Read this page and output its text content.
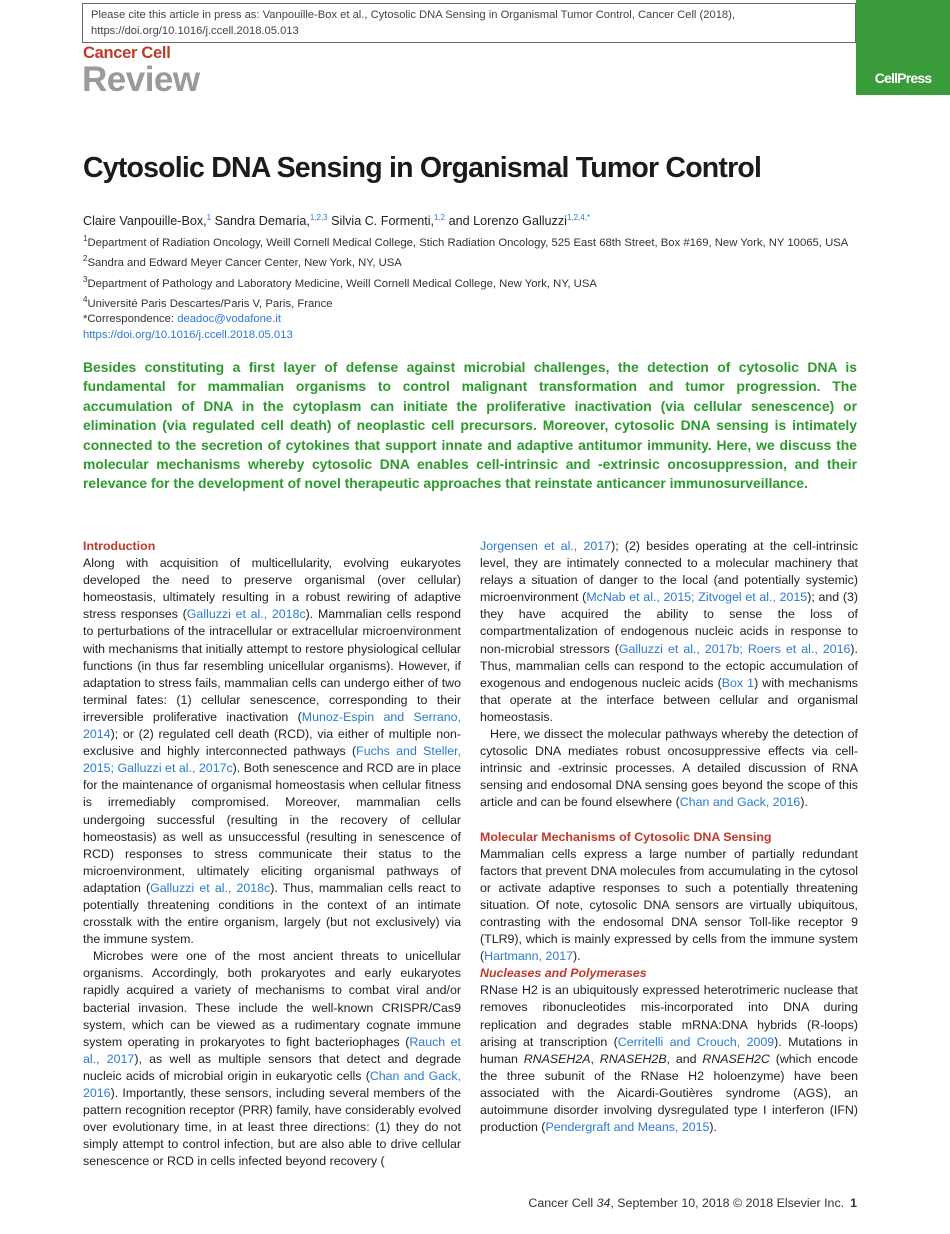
Please cite this article in press as: Vanpouille-Box et al., Cytosolic DNA Sensing in Organismal Tumor Control, Cancer Cell (2018), https://doi.org/10.1016/j.ccell.2018.05.013
CellPress
Cancer Cell
Review
Cytosolic DNA Sensing in Organismal Tumor Control
Claire Vanpouille-Box,$^1$ Sandra Demaria,$^{1,2,3}$ Silvia C. Formenti,$^{1,2}$ and Lorenzo Galluzzi$^{1,2,4,*}$
$^1$Department of Radiation Oncology, Weill Cornell Medical College, Stich Radiation Oncology, 525 East 68th Street, Box #169, New York, NY 10065, USA
$^2$Sandra and Edward Meyer Cancer Center, New York, NY, USA
$^3$Department of Pathology and Laboratory Medicine, Weill Cornell Medical College, New York, NY, USA
$^4$Université Paris Descartes/Paris V, Paris, France
*Correspondence: deadoc@vodafone.it
https://doi.org/10.1016/j.ccell.2018.05.013

Besides constituting a first layer of defense against microbial challenges, the detection of cytosolic DNA is fundamental for mammalian organisms to control malignant transformation and tumor progression. The accumulation of DNA in the cytoplasm can initiate the proliferative inactivation (via cellular senescence) or elimination (via regulated cell death) of neoplastic cell precursors. Moreover, cytosolic DNA sensing is intimately connected to the secretion of cytokines that support innate and adaptive antitumor immunity. Here, we discuss the molecular mechanisms whereby cytosolic DNA enables cell-intrinsic and -extrinsic oncosuppression, and their relevance for the development of novel therapeutic approaches that reinstate anticancer immunosurveillance.

Introduction

Along with acquisition of multicellularity, evolving eukaryotes developed the need to preserve organismal (over cellular) homeostasis, ultimately resulting in a robust rewiring of adaptive stress responses (Galluzzi et al., 2018c). Mammalian cells respond to perturbations of the intracellular or extracellular microenvironment with mechanisms that initially attempt to restore physiological cellular functions (in thus far resembling unicellular organisms). However, if adaptation to stress fails, mammalian cells can undergo either of two terminal fates: (1) cellular senescence, corresponding to their irreversible proliferative inactivation (Munoz-Espin and Serrano, 2014); or (2) regulated cell death (RCD), via either of multiple non-exclusive and highly interconnected pathways (Fuchs and Steller, 2015; Galluzzi et al., 2017c). Both senescence and RCD are in place for the maintenance of organismal homeostasis when cellular fitness is irremediably compromised. Moreover, mammalian cells undergoing successful (resulting in the recovery of cellular homeostasis) as well as unsuccessful (resulting in senescence of RCD) responses to stress communicate their status to the microenvironment, ultimately eliciting organismal pathways of adaptation (Galluzzi et al., 2018c). Thus, mammalian cells react to potentially threatening conditions in the context of an intimate crosstalk with the entire organism, largely (but not exclusively) via the immune system.

Microbes were one of the most ancient threats to unicellular organisms. Accordingly, both prokaryotes and early eukaryotes rapidly acquired a variety of mechanisms to combat viral and/or bacterial invasion. These include the well-known CRISPR/Cas9 system, which can be viewed as a rudimentary cognate immune system operating in prokaryotes to fight bacteriophages (Rauch et al., 2017), as well as multiple sensors that detect and degrade nucleic acids of microbial origin in eukaryotic cells (Chan and Gack, 2016). Importantly, these sensors, including several members of the pattern recognition receptor (PRR) family, have considerably evolved over evolutionary time, in at least three directions: (1) they do not simply attempt to control infection, but are also able to drive cellular senescence or RCD in cells infected beyond recovery (

Jorgensen et al., 2017); (2) besides operating at the cell-intrinsic level, they are intimately connected to a molecular machinery that relays a situation of danger to the local (and potentially systemic) microenvironment (McNab et al., 2015; Zitvogel et al., 2015); and (3) they have acquired the ability to sense the loss of compartmentalization of endogenous nucleic acids in response to non-microbial stressors (Galluzzi et al., 2017b; Roers et al., 2016). Thus, mammalian cells can respond to the ectopic accumulation of exogenous and endogenous nucleic acids (Box 1) with mechanisms that operate at the interface between cellular and organismal homeostasis.

Here, we dissect the molecular pathways whereby the detection of cytosolic DNA mediates robust oncosuppressive effects via cell-intrinsic and -extrinsic processes. A detailed discussion of RNA sensing and endosomal DNA sensing goes beyond the scope of this article and can be found elsewhere (Chan and Gack, 2016).

Molecular Mechanisms of Cytosolic DNA Sensing

Mammalian cells express a large number of partially redundant factors that prevent DNA molecules from accumulating in the cytosol or activate adaptive responses to such a potentially threatening situation. Of note, cytosolic DNA sensors are virtually ubiquitous, contrasting with the endosomal DNA sensor Toll-like receptor 9 (TLR9), which is mainly expressed by cells from the immune system (Hartmann, 2017).

Nucleases and Polymerases

RNase H2 is an ubiquitously expressed heterotrimeric nuclease that removes ribonucleotides mis-incorporated into DNA during replication and degrades stable mRNA:DNA hybrids (R-loops) arising at transcription (Cerritelli and Crouch, 2009). Mutations in human RNASEH2A, RNASEH2B, and RNASEH2C (which encode the three subunit of the RNase H2 holoenzyme) have been associated with the Aicardi-Goutières syndrome (AGS), an autoimmune disorder involving dysregulated type I interferon (IFN) production (Pendergraft and Means, 2015).

Cancer Cell 34, September 10, 2018 © 2018 Elsevier Inc. 1
